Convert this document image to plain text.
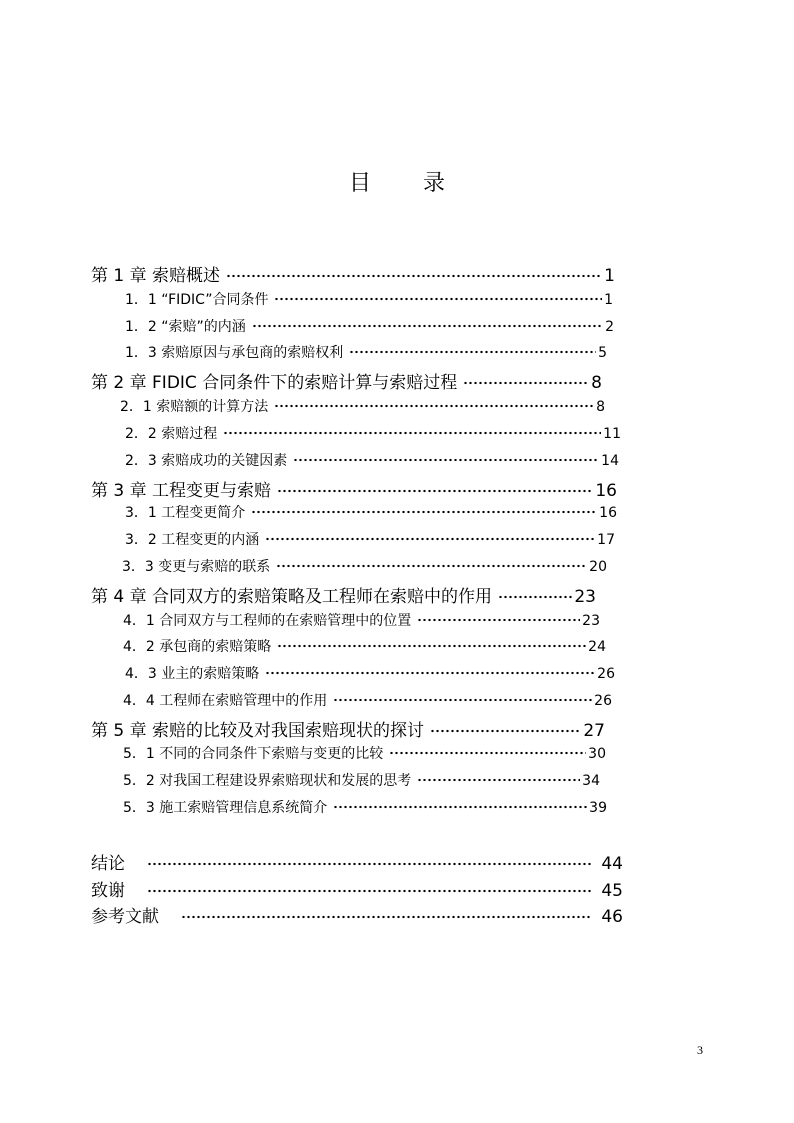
目 录
第 1 章 索赔概述	1
1．1 “FIDIC”合同条件	1
1．2 “索赔”的内涵	2
1．3 索赔原因与承包商的索赔权利	5
第 2 章 FIDIC 合同条件下的索赔计算与索赔过程	8
2．1 索赔额的计算方法	8
2．2 索赔过程	11
2．3 索赔成功的关键因素	14
第 3 章 工程变更与索赔	16
3．1 工程变更简介	16
3．2 工程变更的内涵	17
3．3 变更与索赔的联系	20
第 4 章 合同双方的索赔策略及工程师在索赔中的作用	23
4．1 合同双方与工程师的在索赔管理中的位置	23
4．2 承包商的索赔策略	24
4．3 业主的索赔策略	26
4．4 工程师在索赔管理中的作用	26
第 5 章 索赔的比较及对我国索赔现状的探讨	27
5．1 不同的合同条件下索赔与变更的比较	30
5．2 对我国工程建设界索赔现状和发展的思考	34
5．3 施工索赔管理信息系统简介	39
结论	44
致谢	45
参考文献	46
3
